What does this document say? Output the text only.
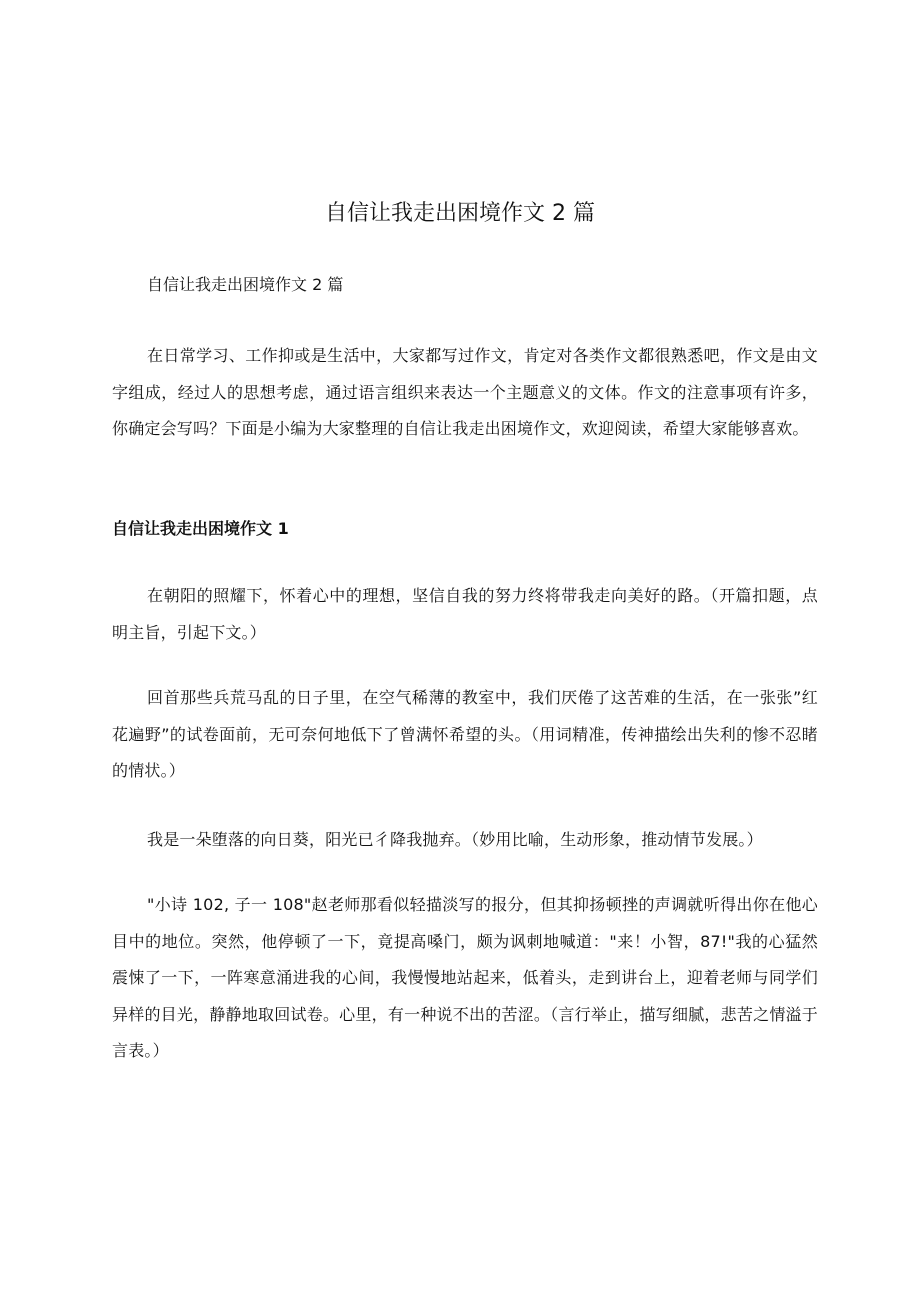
自信让我走出困境作文 2 篇

自信让我走出困境作文 2 篇

在日常学习、工作抑或是生活中，大家都写过作文，肯定对各类作文都很熟悉吧，作文是由文字组成，经过人的思想考虑，通过语言组织来表达一个主题意义的文体。作文的注意事项有许多，你确定会写吗？下面是小编为大家整理的自信让我走出困境作文，欢迎阅读，希望大家能够喜欢。

自信让我走出困境作文 1

在朝阳的照耀下，怀着心中的理想，坚信自我的努力终将带我走向美好的路。（开篇扣题，点明主旨，引起下文。）

回首那些兵荒马乱的日子里，在空气稀薄的教室中，我们厌倦了这苦难的生活，在一张张”红花遍野”的试卷面前，无可奈何地低下了曾满怀希望的头。（用词精准，传神描绘出失利的惨不忍睹的情状。）

我是一朵堕落的向日葵，阳光已彳降我抛弃。（妙用比喻，生动形象，推动情节发展。）

"小诗 102, 子一 108"赵老师那看似轻描淡写的报分，但其抑扬顿挫的声调就听得出你在他心目中的地位。突然，他停顿了一下，竟提高嗓门，颇为讽刺地喊道："来！小智，87!"我的心猛然震悚了一下，一阵寒意涌进我的心间，我慢慢地站起来，低着头，走到讲台上，迎着老师与同学们异样的目光，静静地取回试卷。心里，有一种说不出的苦涩。（言行举止，描写细腻，悲苦之情溢于言表。）
